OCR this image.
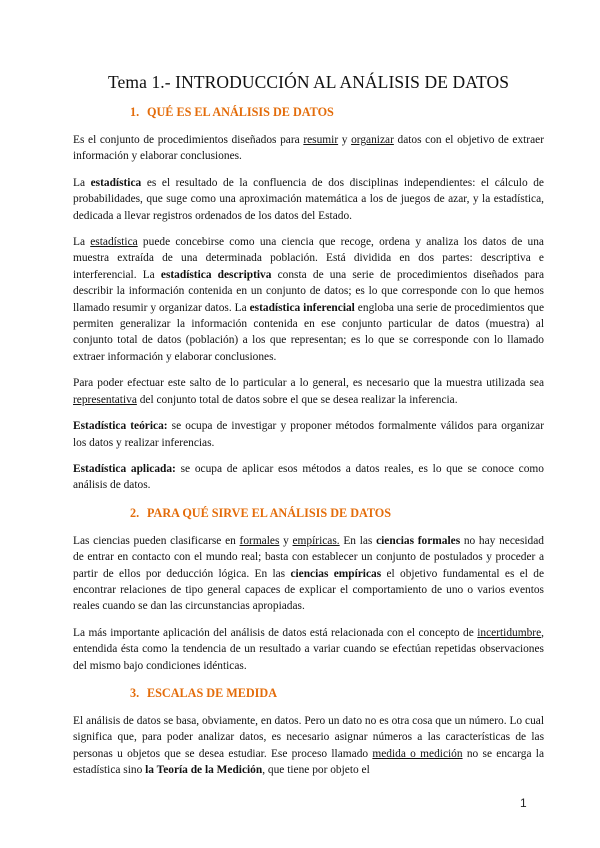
Tema 1.- INTRODUCCIÓN AL ANÁLISIS DE DATOS
1. QUÉ ES EL ANÁLISIS DE DATOS

Es el conjunto de procedimientos diseñados para resumir y organizar datos con el objetivo de extraer información y elaborar conclusiones.

La estadística es el resultado de la confluencia de dos disciplinas independientes: el cálculo de probabilidades, que suge como una aproximación matemática a los de juegos de azar, y la estadística, dedicada a llevar registros ordenados de los datos del Estado.

La estadística puede concebirse como una ciencia que recoge, ordena y analiza los datos de una muestra extraída de una determinada población. Está dividida en dos partes: descriptiva e interferencial. La estadística descriptiva consta de una serie de procedimientos diseñados para describir la información contenida en un conjunto de datos; es lo que corresponde con lo que hemos llamado resumir y organizar datos. La estadística inferencial engloba una serie de procedimientos que permiten generalizar la información contenida en ese conjunto particular de datos (muestra) al conjunto total de datos (población) a los que representan; es lo que se corresponde con lo llamado extraer información y elaborar conclusiones.

Para poder efectuar este salto de lo particular a lo general, es necesario que la muestra utilizada sea representativa del conjunto total de datos sobre el que se desea realizar la inferencia.

Estadística teórica: se ocupa de investigar y proponer métodos formalmente válidos para organizar los datos y realizar inferencias.

Estadística aplicada: se ocupa de aplicar esos métodos a datos reales, es lo que se conoce como análisis de datos.

2. PARA QUÉ SIRVE EL ANÁLISIS DE DATOS

Las ciencias pueden clasificarse en formales y empíricas. En las ciencias formales no hay necesidad de entrar en contacto con el mundo real; basta con establecer un conjunto de postulados y proceder a partir de ellos por deducción lógica. En las ciencias empíricas el objetivo fundamental es el de encontrar relaciones de tipo general capaces de explicar el comportamiento de uno o varios eventos reales cuando se dan las circunstancias apropiadas.

La más importante aplicación del análisis de datos está relacionada con el concepto de incertidumbre, entendida ésta como la tendencia de un resultado a variar cuando se efectúan repetidas observaciones del mismo bajo condiciones idénticas.

3. ESCALAS DE MEDIDA

El análisis de datos se basa, obviamente, en datos. Pero un dato no es otra cosa que un número. Lo cual significa que, para poder analizar datos, es necesario asignar números a las características de las personas u objetos que se desea estudiar. Ese proceso llamado medida o medición no se encarga la estadística sino la Teoría de la Medición, que tiene por objeto el

1
